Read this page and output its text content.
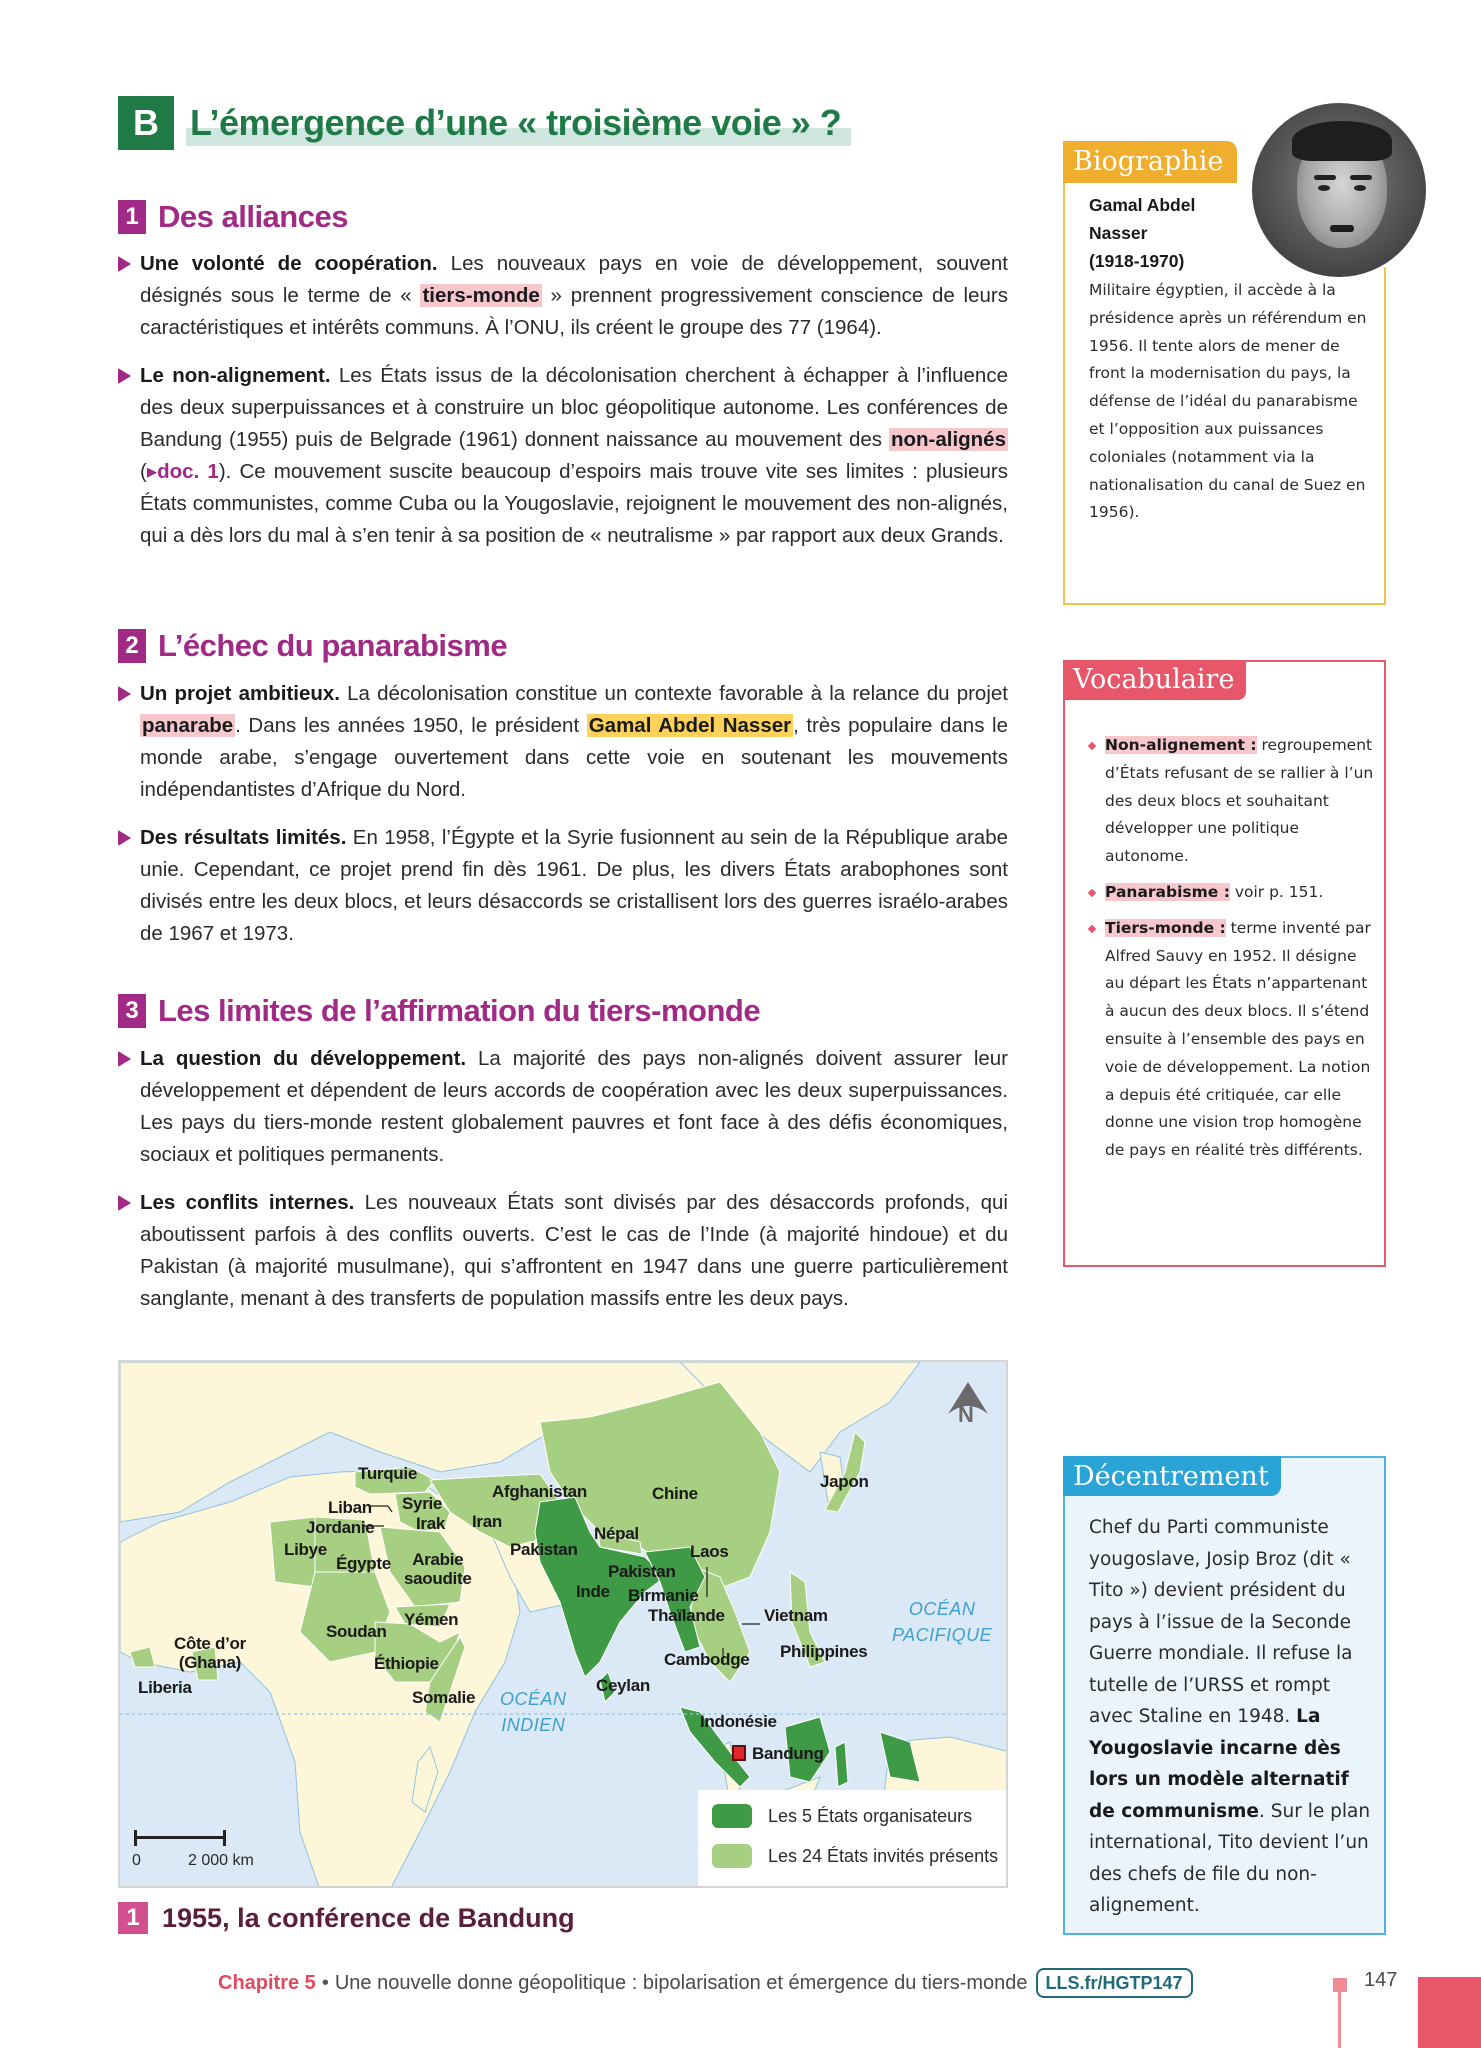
B L’émergence d’une « troisième voie » ?
1 Des alliances
Une volonté de coopération. Les nouveaux pays en voie de développement, souvent désignés sous le terme de « tiers-monde » prennent progressivement conscience de leurs caractéristiques et intérêts communs. À l’ONU, ils créent le groupe des 77 (1964).
Le non-alignement. Les États issus de la décolonisation cherchent à échapper à l’influence des deux superpuissances et à construire un bloc géopolitique autonome. Les conférences de Bandung (1955) puis de Belgrade (1961) donnent naissance au mouvement des non-alignés (▸doc. 1). Ce mouvement suscite beaucoup d’espoirs mais trouve vite ses limites : plusieurs États communistes, comme Cuba ou la Yougoslavie, rejoignent le mouvement des non-alignés, qui a dès lors du mal à s’en tenir à sa position de « neutralisme » par rapport aux deux Grands.
2 L’échec du panarabisme
Un projet ambitieux. La décolonisation constitue un contexte favorable à la relance du projet panarabe. Dans les années 1950, le président Gamal Abdel Nasser, très populaire dans le monde arabe, s’engage ouvertement dans cette voie en soutenant les mouvements indépendantistes d’Afrique du Nord.
Des résultats limités. En 1958, l’Égypte et la Syrie fusionnent au sein de la République arabe unie. Cependant, ce projet prend fin dès 1961. De plus, les divers États arabophones sont divisés entre les deux blocs, et leurs désaccords se cristallisent lors des guerres israélo-arabes de 1967 et 1973.
3 Les limites de l’affirmation du tiers-monde
La question du développement. La majorité des pays non-alignés doivent assurer leur développement et dépendent de leurs accords de coopération avec les deux superpuissances. Les pays du tiers-monde restent globalement pauvres et font face à des défis économiques, sociaux et politiques permanents.
Les conflits internes. Les nouveaux États sont divisés par des désaccords profonds, qui aboutissent parfois à des conflits ouverts. C’est le cas de l’Inde (à majorité hindoue) et du Pakistan (à majorité musulmane), qui s’affrontent en 1947 dans une guerre particulièrement sanglante, menant à des transferts de population massifs entre les deux pays.
Biographie
Gamal Abdel
Nasser
(1918-1970)
Militaire égyptien, il accède à la présidence après un référendum en 1956. Il tente alors de mener de front la modernisation du pays, la défense de l’idéal du panarabisme et l’opposition aux puissances coloniales (notamment via la nationalisation du canal de Suez en 1956).
Vocabulaire
Non-alignement : regroupement d’États refusant de se rallier à l’un des deux blocs et souhaitant développer une politique autonome.
Panarabisme : voir p. 151.
Tiers-monde : terme inventé par Alfred Sauvy en 1952. Il désigne au départ les États n’appartenant à aucun des deux blocs. Il s’étend ensuite à l’ensemble des pays en voie de développement. La notion a depuis été critiquée, car elle donne une vision trop homogène de pays en réalité très différents.
Turquie
Liban Syrie
Jordanie Irak
Afghanistan
Iran
Chine
Japon
Libye
Égypte	Arabie
saoudite
Népal
Pakistan
Pakistan
Laos
Inde Birmanie
Thaïlande Vietnam
Yémen
Soudan
Côte d’or
(Ghana)	Éthiopie
Liberia
Cambodge Philippines
Somalie
Ceylan
Indonésie
Bandung
OCÉAN
INDIEN
OCÉAN
PACIFIQUE
N
0	2 000 km
Les 5 États organisateurs
Les 24 États invités présents
1 1955, la conférence de Bandung
Décentrement
Chef du Parti communiste yougoslave, Josip Broz (dit « Tito ») devient président du pays à l’issue de la Seconde Guerre mondiale. Il refuse la tutelle de l’URSS et rompt avec Staline en 1948. La Yougoslavie incarne dès lors un modèle alternatif de communisme. Sur le plan international, Tito devient l’un des chefs de file du non-alignement.
Chapitre 5 • Une nouvelle donne géopolitique : bipolarisation et émergence du tiers-monde	LLS.fr/HGTP147	147
